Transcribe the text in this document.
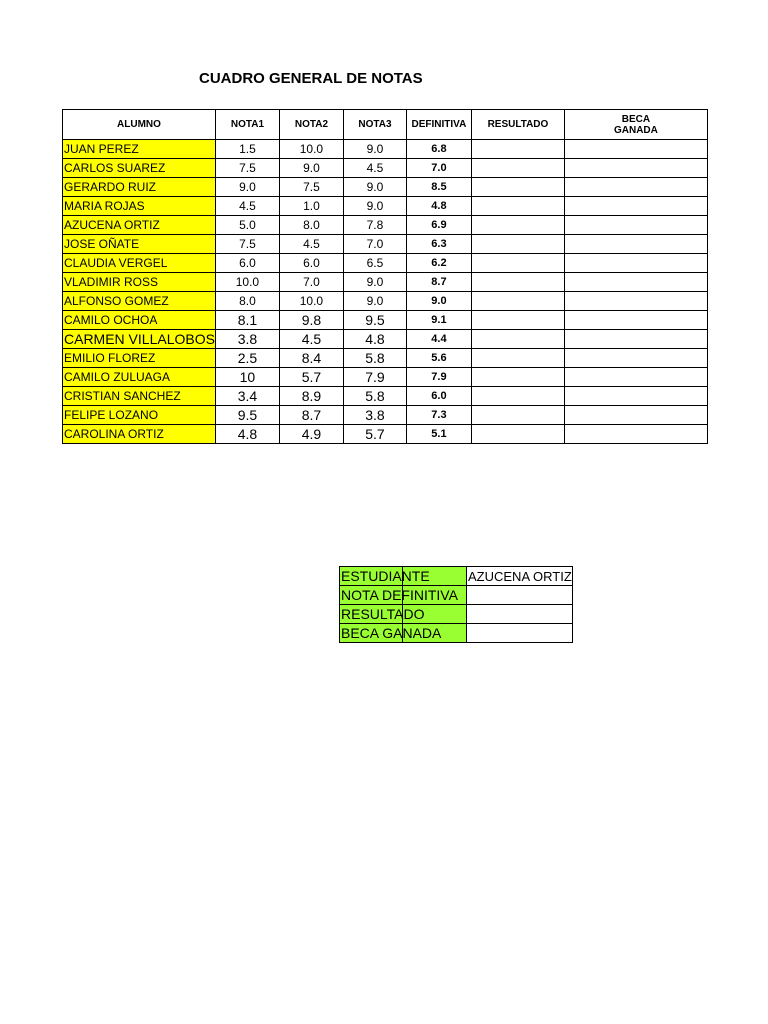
CUADRO GENERAL DE NOTAS
ALUMNO	NOTA1	NOTA2	NOTA3	DEFINITIVA	RESULTADO	BECA
GANADA

JUAN PEREZ	1.5	10.0	9.0	6.8		
CARLOS SUAREZ	7.5	9.0	4.5	7.0		
GERARDO RUIZ	9.0	7.5	9.0	8.5		
MARIA ROJAS	4.5	1.0	9.0	4.8		
AZUCENA ORTIZ	5.0	8.0	7.8	6.9		
JOSE OÑATE	7.5	4.5	7.0	6.3		
CLAUDIA VERGEL	6.0	6.0	6.5	6.2		
VLADIMIR ROSS	10.0	7.0	9.0	8.7		
ALFONSO GOMEZ	8.0	10.0	9.0	9.0		
CAMILO OCHOA	8.1	9.8	9.5	9.1		
CARMEN VILLALOBOS	3.8	4.5	4.8	4.4		
EMILIO FLOREZ	2.5	8.4	5.8	5.6		
CAMILO ZULUAGA	10	5.7	7.9	7.9		
CRISTIAN SANCHEZ	3.4	8.9	5.8	6.0		
FELIPE LOZANO	9.5	8.7	3.8	7.3		
CAROLINA ORTIZ	4.8	4.9	5.7	5.1		
ESTUDIANTE	AZUCENA ORTIZ

NOTA DEFINITIVA	

RESULTADO	

BECA GANADA	
